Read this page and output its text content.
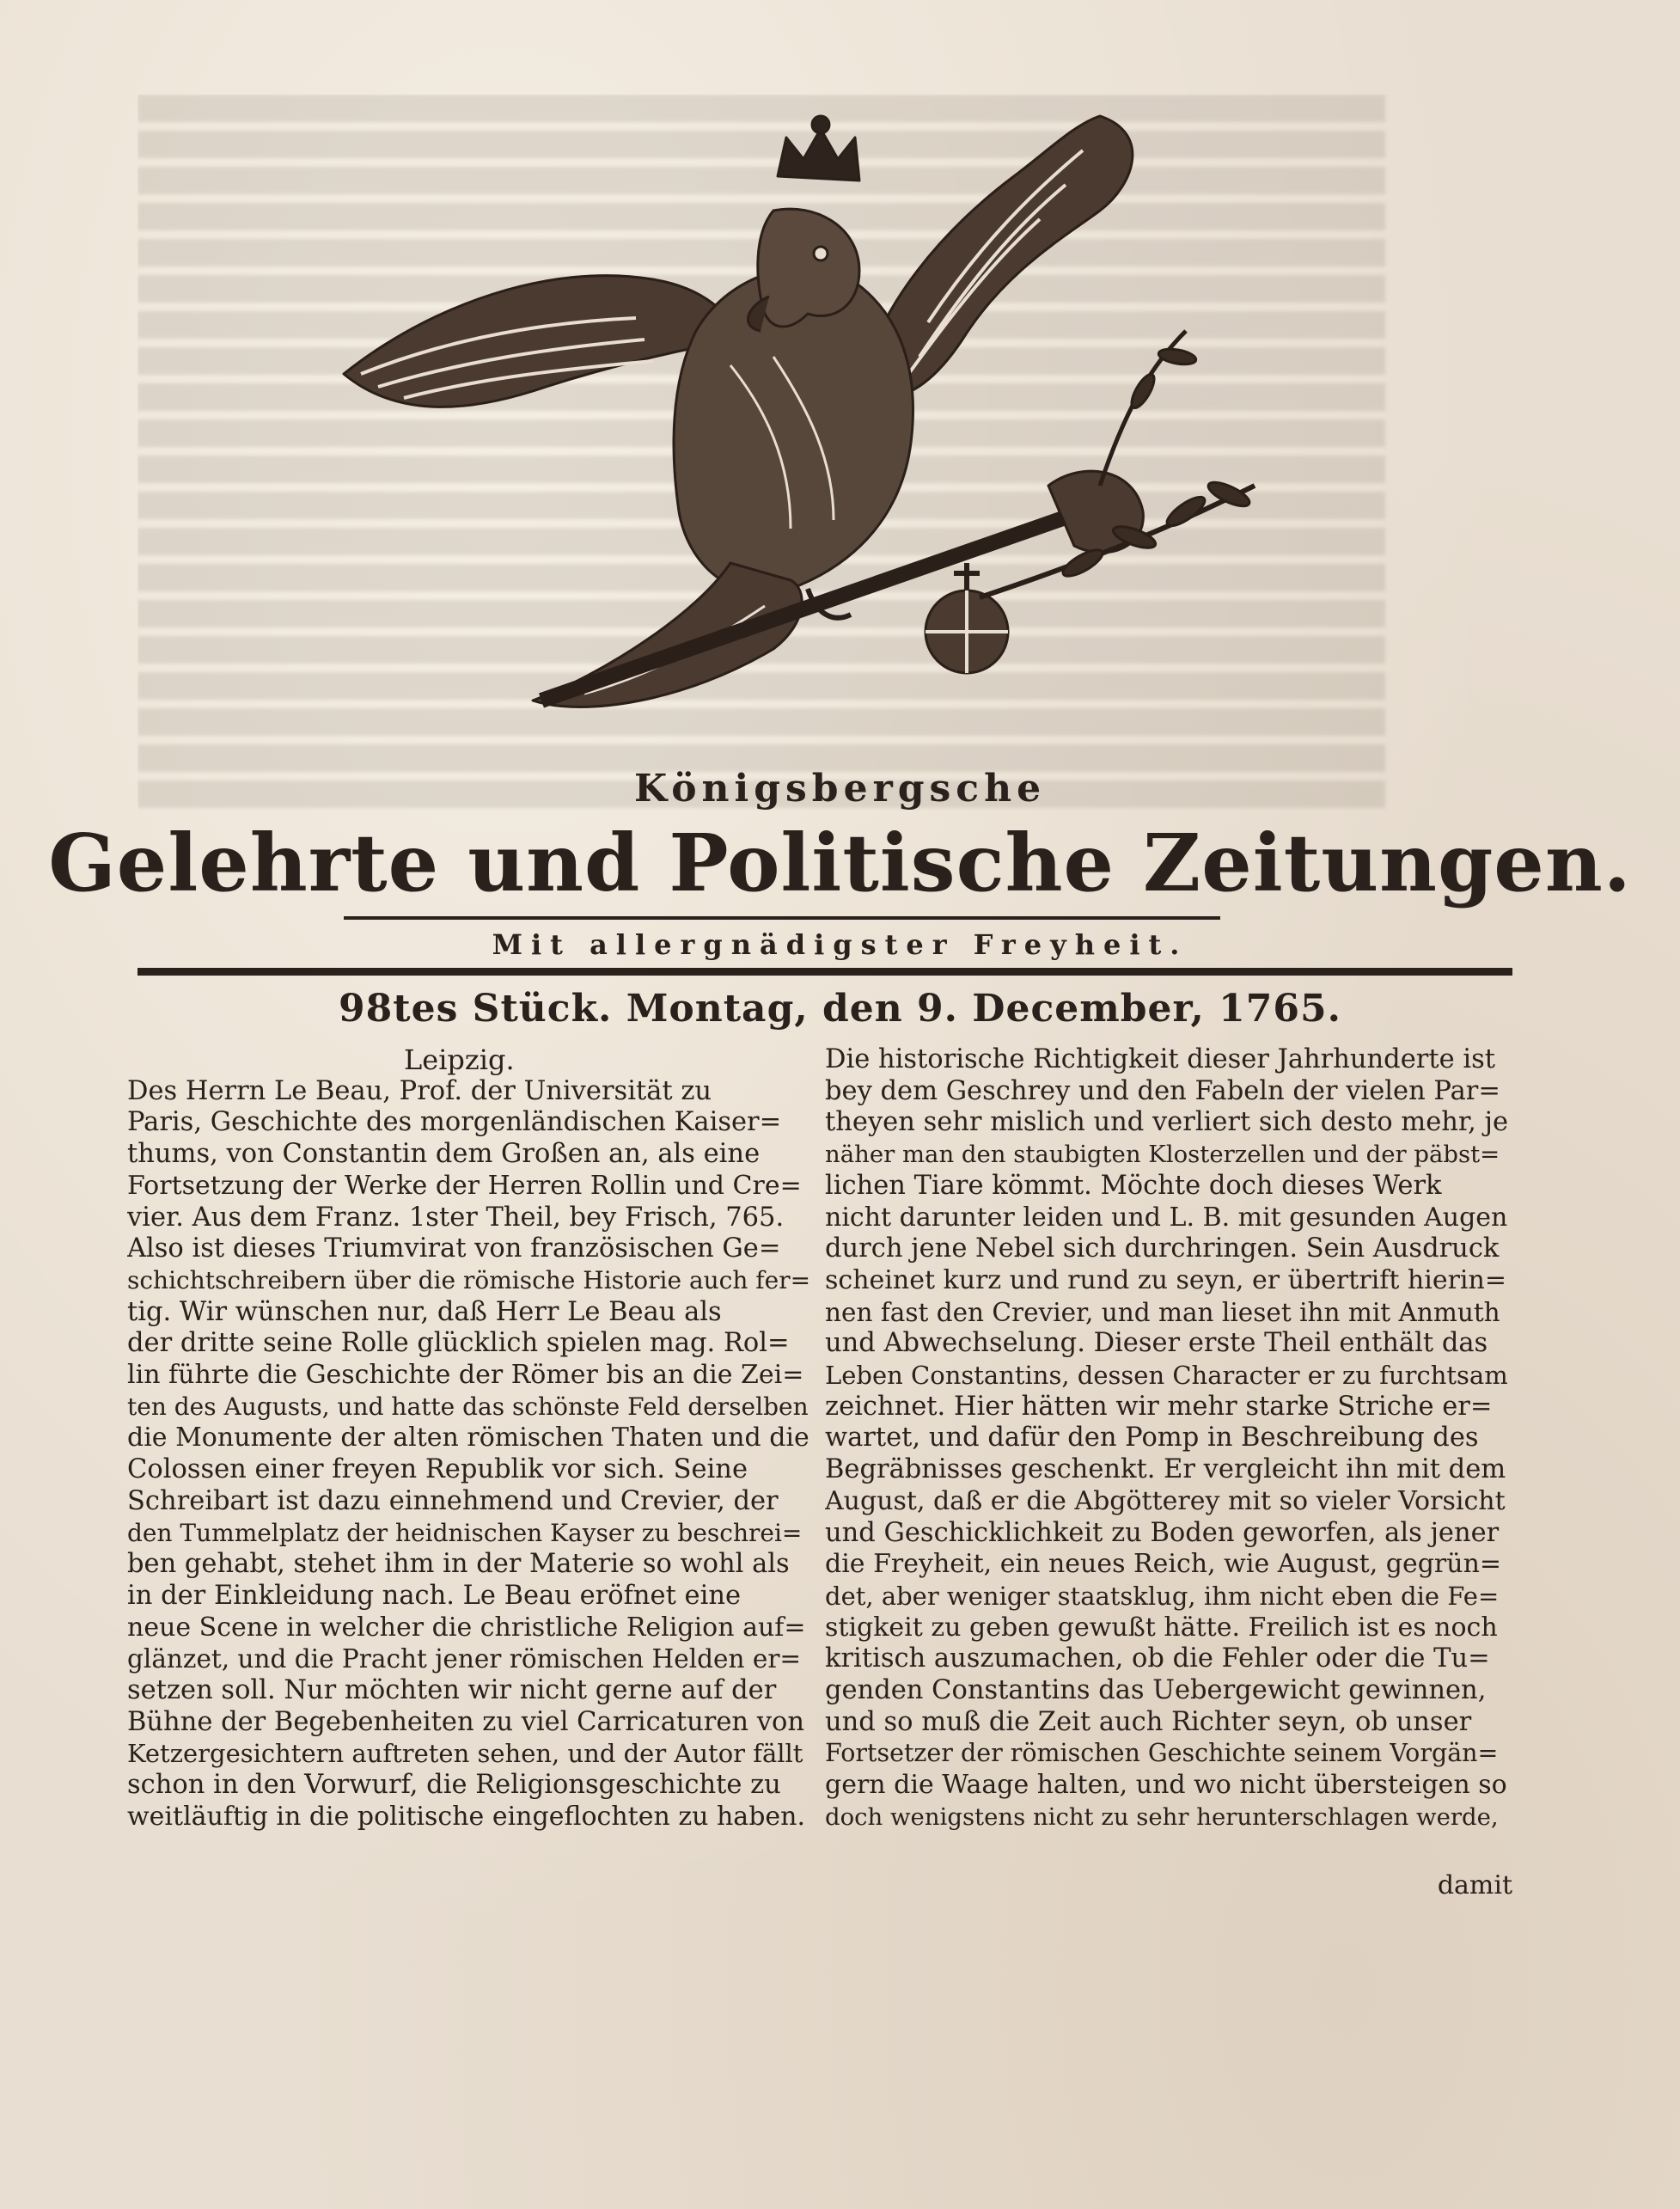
Königsbergsche
Gelehrte und Politische Zeitungen.
Mit allergnädigster Freyheit.
98tes Stück. Montag, den 9. December, 1765.
Leipzig.
Des Herrn Le Beau, Prof. der Universität zu
Paris, Geschichte des morgenländischen Kaiser=
thums, von Constantin dem Großen an, als eine
Fortsetzung der Werke der Herren Rollin und Cre=
vier. Aus dem Franz. 1ster Theil, bey Frisch, 765.
Also ist dieses Triumvirat von französischen Ge=
schichtschreibern über die römische Historie auch fer=
tig. Wir wünschen nur, daß Herr Le Beau als
der dritte seine Rolle glücklich spielen mag. Rol=
lin führte die Geschichte der Römer bis an die Zei=
ten des Augusts, und hatte das schönste Feld derselben
die Monumente der alten römischen Thaten und die
Colossen einer freyen Republik vor sich. Seine
Schreibart ist dazu einnehmend und Crevier, der
den Tummelplatz der heidnischen Kayser zu beschrei=
ben gehabt, stehet ihm in der Materie so wohl als
in der Einkleidung nach. Le Beau eröfnet eine
neue Scene in welcher die christliche Religion auf=
glänzet, und die Pracht jener römischen Helden er=
setzen soll. Nur möchten wir nicht gerne auf der
Bühne der Begebenheiten zu viel Carricaturen von
Ketzergesichtern auftreten sehen, und der Autor fällt
schon in den Vorwurf, die Religionsgeschichte zu
weitläuftig in die politische eingeflochten zu haben.
Die historische Richtigkeit dieser Jahrhunderte ist
bey dem Geschrey und den Fabeln der vielen Par=
theyen sehr mislich und verliert sich desto mehr, je
näher man den staubigten Klosterzellen und der päbst=
lichen Tiare kömmt. Möchte doch dieses Werk
nicht darunter leiden und L. B. mit gesunden Augen
durch jene Nebel sich durchringen. Sein Ausdruck
scheinet kurz und rund zu seyn, er übertrift hierin=
nen fast den Crevier, und man lieset ihn mit Anmuth
und Abwechselung. Dieser erste Theil enthält das
Leben Constantins, dessen Character er zu furchtsam
zeichnet. Hier hätten wir mehr starke Striche er=
wartet, und dafür den Pomp in Beschreibung des
Begräbnisses geschenkt. Er vergleicht ihn mit dem
August, daß er die Abgötterey mit so vieler Vorsicht
und Geschicklichkeit zu Boden geworfen, als jener
die Freyheit, ein neues Reich, wie August, gegrün=
det, aber weniger staatsklug, ihm nicht eben die Fe=
stigkeit zu geben gewußt hätte. Freilich ist es noch
kritisch auszumachen, ob die Fehler oder die Tu=
genden Constantins das Uebergewicht gewinnen,
und so muß die Zeit auch Richter seyn, ob unser
Fortsetzer der römischen Geschichte seinem Vorgän=
gern die Waage halten, und wo nicht übersteigen so
doch wenigstens nicht zu sehr herunterschlagen werde,
damit
